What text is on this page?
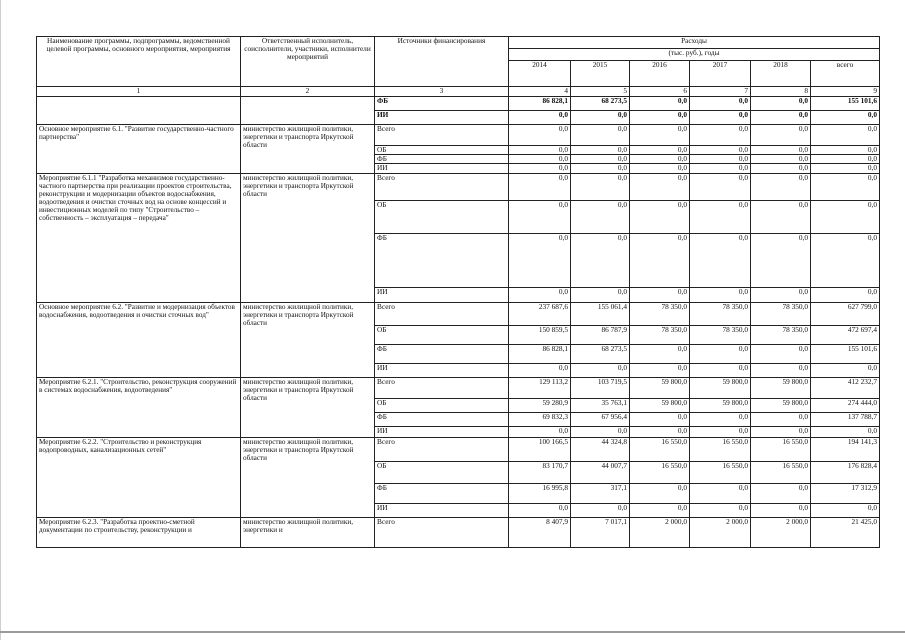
Наименование программы, подпрограммы, ведомственной целевой программы, основного мероприятия, мероприятия	Ответственный исполнитель, соисполнители, участники, исполнители мероприятий	Источники финансирования	Расходы					
			(тыс. руб.), годы					
			2014	2015	2016	2017	2018	всего
1	2	3	4	5	6	7	8	9
		ФБ	86 828,1	68 273,5	0,0	0,0	0,0	155 101,6
		ИИ	0,0	0,0	0,0	0,0	0,0	0,0
Основное мероприятие 6.1. "Развитие государственно-частного партнерства"	министерство жилищной политики, энергетики и транспорта Иркутской области	Всего	0,0	0,0	0,0	0,0	0,0	0,0
		ОБ	0,0	0,0	0,0	0,0	0,0	0,0
		ФБ	0,0	0,0	0,0	0,0	0,0	0,0
		ИИ	0,0	0,0	0,0	0,0	0,0	0,0
Мероприятие 6.1.1 "Разработка механизмов государственно-частного партнерства при реализации проектов строительства, реконструкции и модернизации объектов водоснабжения, водоотведения и очистки сточных вод на основе концессий и инвестиционных моделей по типу "Строительство – собственность – эксплуатация – передача"	министерство жилищной политики, энергетики и транспорта Иркутской области	Всего	0,0	0,0	0,0	0,0	0,0	0,0
		ОБ	0,0	0,0	0,0	0,0	0,0	0,0
		ФБ	0,0	0,0	0,0	0,0	0,0	0,0
		ИИ	0,0	0,0	0,0	0,0	0,0	0,0
Основное мероприятие 6.2. "Развитие и модернизация объектов водоснабжения, водоотведения и очистки сточных вод"	министерство жилищной политики, энергетики и транспорта Иркутской области	Всего	237 687,6	155 061,4	78 350,0	78 350,0	78 350,0	627 799,0
		ОБ	150 859,5	86 787,9	78 350,0	78 350,0	78 350,0	472 697,4
		ФБ	86 828,1	68 273,5	0,0	0,0	0,0	155 101,6
		ИИ	0,0	0,0	0,0	0,0	0,0	0,0
Мероприятие 6.2.1. "Строительство, реконструкция сооружений в системах водоснабжения, водоотведения"	министерство жилищной политики, энергетики и транспорта Иркутской области	Всего	129 113,2	103 719,5	59 800,0	59 800,0	59 800,0	412 232,7
		ОБ	59 280,9	35 763,1	59 800,0	59 800,0	59 800,0	274 444,0
		ФБ	69 832,3	67 956,4	0,0	0,0	0,0	137 788,7
		ИИ	0,0	0,0	0,0	0,0	0,0	0,0
Мероприятие 6.2.2. "Строительство и реконструкция водопроводных, канализационных сетей"	министерство жилищной политики, энергетики и транспорта Иркутской области	Всего	100 166,5	44 324,8	16 550,0	16 550,0	16 550,0	194 141,3
		ОБ	83 170,7	44 007,7	16 550,0	16 550,0	16 550,0	176 828,4
		ФБ	16 995,8	317,1	0,0	0,0	0,0	17 312,9
		ИИ	0,0	0,0	0,0	0,0	0,0	0,0
Мероприятие 6.2.3. "Разработка проектно-сметной документации по строительству, реконструкции и	министерство жилищной политики, энергетики и	Всего	8 407,9	7 017,1	2 000,0	2 000,0	2 000,0	21 425,0
